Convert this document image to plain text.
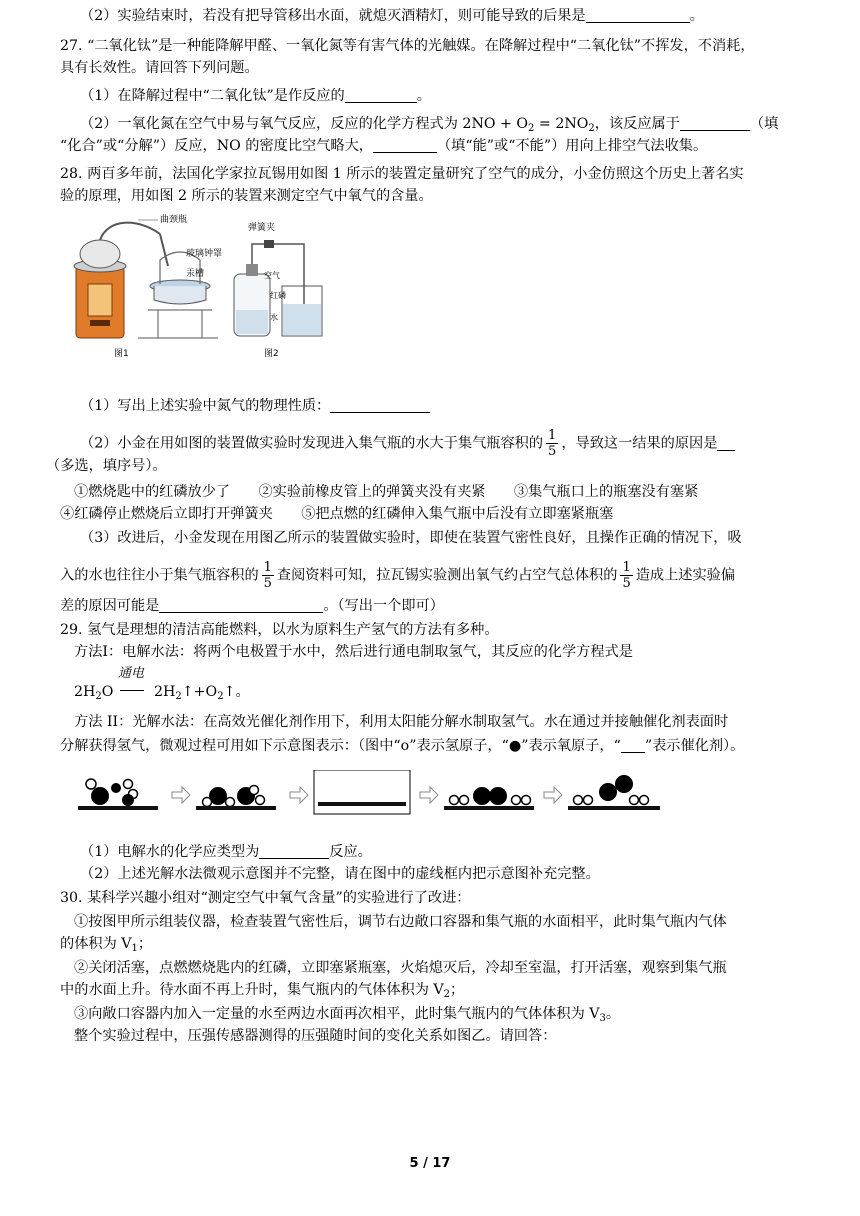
（2）实验结束时，若没有把导管移出水面，就熄灭酒精灯，则可能导致的后果是	。
27. “二氧化钛”是一种能降解甲醛、一氧化氮等有害气体的光触媒。在降解过程中“二氧化钛”不挥发，不消耗，
具有长效性。请回答下列问题。
（1）在降解过程中“二氧化钛”是作反应的	。
（2）一氧化氮在空气中易与氧气反应，反应的化学方程式为 $2NO + O_2 = 2NO_2$，该反应属于	（填
“化合”或“分解”）反应，NO 的密度比空气略大，	（填“能”或“不能”）用向上排空气法收集。
28. 两百多年前，法国化学家拉瓦锡用如图 1 所示的装置定量研究了空气的成分，小金仿照这个历史上著名实
验的原理，用如图 2 所示的装置来测定空气中氧气的含量。
曲颈瓶
玻璃钟罩
汞槽
弹簧夹
空气
红磷
水
图1	图2
（1）写出上述实验中氮气的物理性质：
（2）小金在用如图的装置做实验时发现进入集气瓶的水大于集气瓶容积的 $\frac{1}{5}$ ，导致这一结果的原因是
（多选，填序号）。
①燃烧匙中的红磷放少了　　②实验前橡皮管上的弹簧夹没有夹紧　　③集气瓶口上的瓶塞没有塞紧
④红磷停止燃烧后立即打开弹簧夹　　⑤把点燃的红磷伸入集气瓶中后没有立即塞紧瓶塞
（3）改进后，小金发现在用图乙所示的装置做实验时，即使在装置气密性良好，且操作正确的情况下，吸
入的水也往往小于集气瓶容积的 $\frac{1}{5}$ 查阅资料可知，拉瓦锡实验测出氧气约占空气总体积的 $\frac{1}{5}$ 造成上述实验偏
差的原因可能是	。（写出一个即可）
29. 氢气是理想的清洁高能燃料，以水为原料生产氢气的方法有多种。
方法I：电解水法：将两个电极置于水中，然后进行通电制取氢气，其反应的化学方程式是
$2H_2O$
通电
$2H_2↑+O_2↑$。
方法 II：光解水法：在高效光催化剂作用下，利用太阳能分解水制取氢气。水在通过并接触催化剂表面时
分解获得氢气，微观过程可用如下示意图表示：（图中“o”表示氢原子，“●”表示氧原子，“ ”表示催化剂）。
（1）电解水的化学应类型为	反应。
（2）上述光解水法微观示意图并不完整，请在图中的虚线框内把示意图补充完整。
30. 某科学兴趣小组对“测定空气中氧气含量”的实验进行了改进：
①按图甲所示组装仪器，检查装置气密性后，调节右边敞口容器和集气瓶的水面相平，此时集气瓶内气体
的体积为 $V_1$；
②关闭活塞，点燃燃烧匙内的红磷，立即塞紧瓶塞，火焰熄灭后，冷却至室温，打开活塞，观察到集气瓶
中的水面上升。待水面不再上升时，集气瓶内的气体体积为 $V_2$；
③向敞口容器内加入一定量的水至两边水面再次相平，此时集气瓶内的气体体积为 $V_3$。
整个实验过程中，压强传感器测得的压强随时间的变化关系如图乙。请回答：
5 / 17
